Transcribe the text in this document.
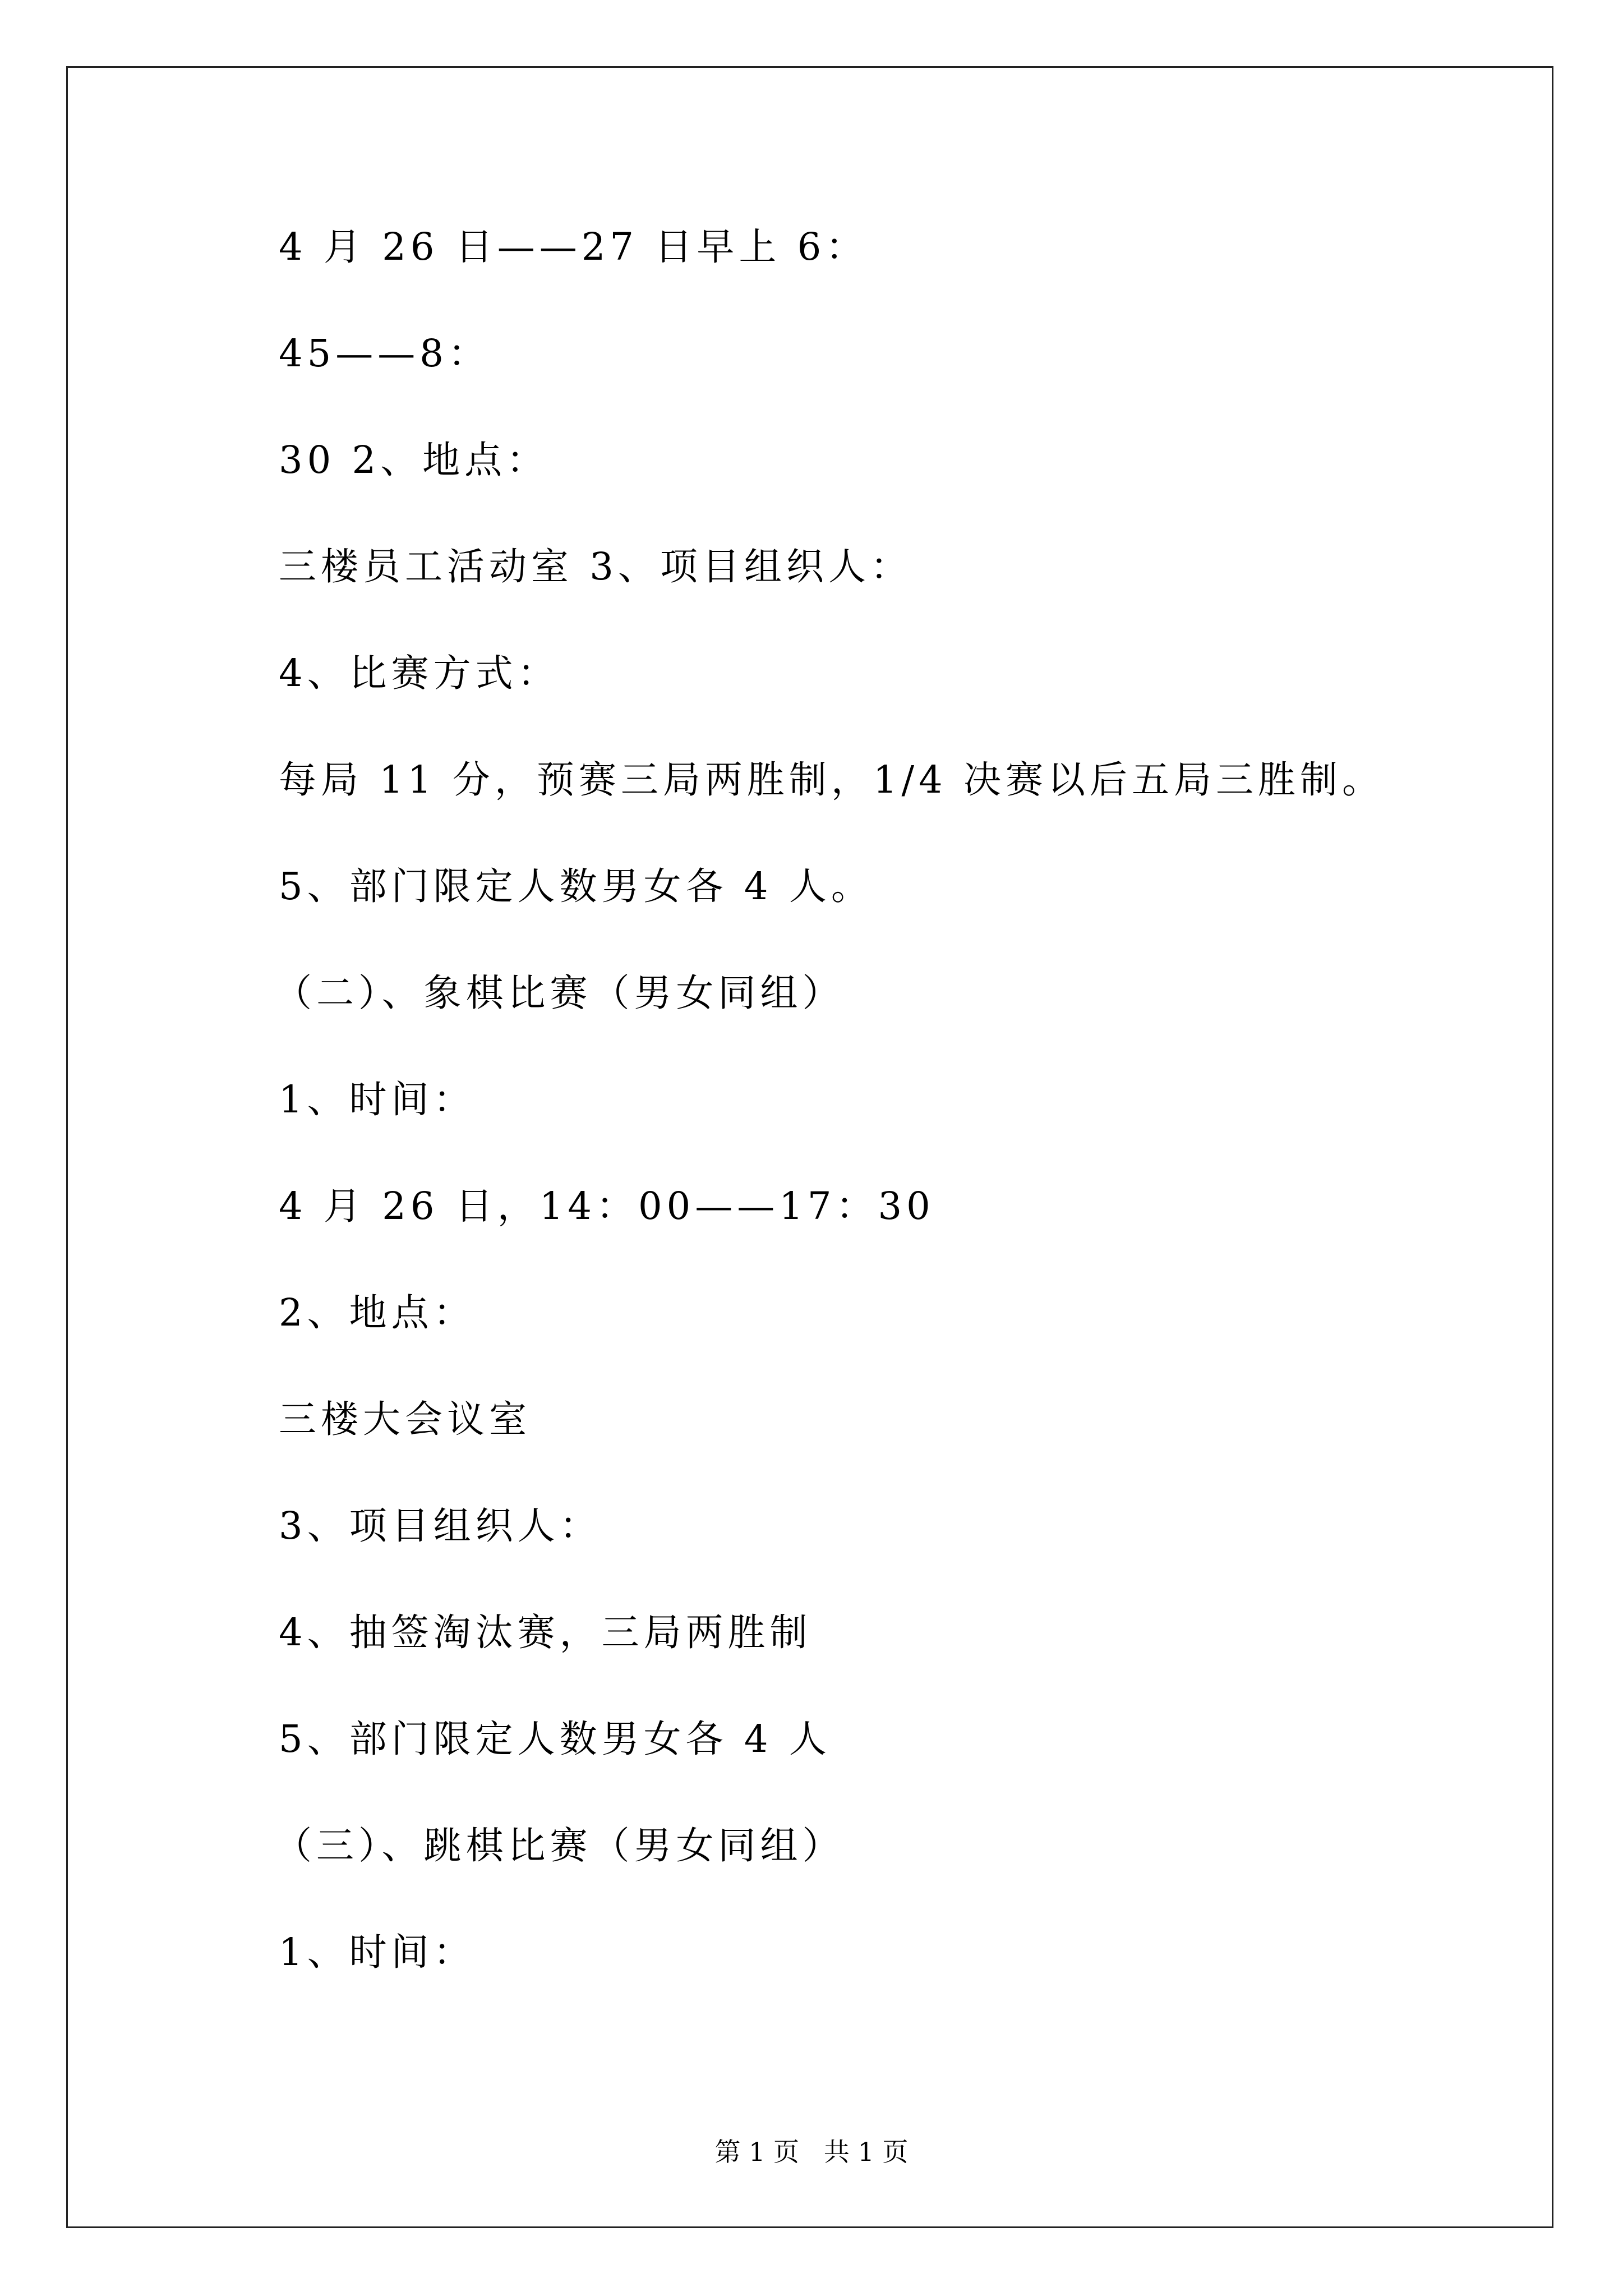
4 月 26 日——27 日早上 6：
45——8：
30 2、地点：
三楼员工活动室 3、项目组织人：
4、比赛方式：
每局 11 分，预赛三局两胜制，1/4 决赛以后五局三胜制。
5、部门限定人数男女各 4 人。
（二）、象棋比赛（男女同组）
1、时间：
4 月 26 日，14：00——17：30
2、地点：
三楼大会议室
3、项目组织人：
4、抽签淘汰赛，三局两胜制
5、部门限定人数男女各 4 人
（三）、跳棋比赛（男女同组）
1、时间：
第 1 页   共 1 页
